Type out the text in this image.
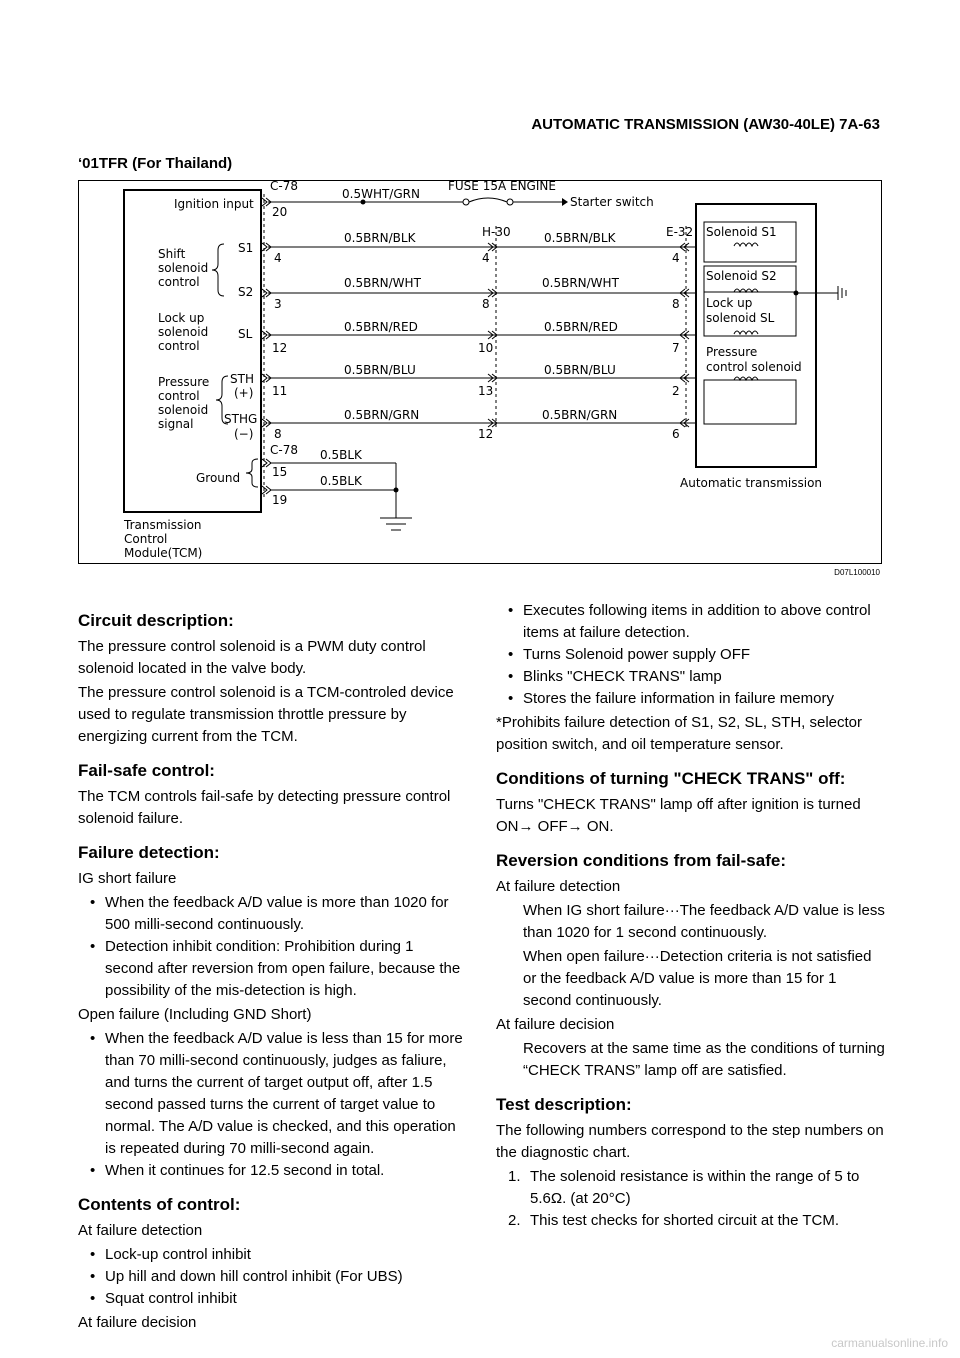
AUTOMATIC TRANSMISSION (AW30-40LE) 7A-63
‘01TFR (For Thailand)
Ignition input
Shift
solenoid
control
S1
S2
Lock up
solenoid
control
SL
Pressure
control
solenoid
signal
STH
(+)
STHG
(−)
Ground
Transmission
Control
Module(TCM)
C-78
C-78
H-30	E-32
FUSE 15A ENGINE
Starter switch
0.5WHT/GRN
0.5BRN/BLK	0.5BRN/BLK
0.5BRN/WHT	0.5BRN/WHT
0.5BRN/RED	0.5BRN/RED
0.5BRN/BLU	0.5BRN/BLU
0.5BRN/GRN	0.5BRN/GRN
0.5BLK
0.5BLK
20
4
3
12
11
8
15
19
4
8
10
13
12
4
8
7
2
6
Solenoid S1
Solenoid S2
Lock up
solenoid SL
Pressure
control solenoid
Automatic transmission
D07L100010
Circuit description:

The pressure control solenoid is a PWM duty control solenoid located in the valve body.

The pressure control solenoid is a TCM-controled device used to regulate transmission throttle pressure by energizing current from the TCM.

Fail-safe control:

The TCM controls fail-safe by detecting pressure control solenoid failure.

Failure detection:

IG short failure

• When the feedback A/D value is more than 1020 for 500 milli-second continuously.
• Detection inhibit condition: Prohibition during 1 second after reversion from open failure, because the possibility of the mis-detection is high.

Open failure (Including GND Short)

• When the feedback A/D value is less than 15 for more than 70 milli-second continuously, judges as faliure, and turns the current of target output off, after 1.5 second passed turns the current of target value to normal. The A/D value is checked, and this operation is repeated during 70 milli-second again.
• When it continues for 12.5 second in total.
Contents of control:

At failure detection

• Lock-up control inhibit
• Up hill and down hill control inhibit (For UBS)
• Squat control inhibit

At failure decision

• Executes following items in addition to above control items at failure detection.
• Turns Solenoid power supply OFF
• Blinks "CHECK TRANS" lamp
• Stores the failure information in failure memory

*Prohibits failure detection of S1, S2, SL, STH, selector position switch, and oil temperature sensor.

Conditions of turning "CHECK TRANS" off:

Turns "CHECK TRANS" lamp off after ignition is turned ON→ OFF→ ON.

Reversion conditions from fail-safe:

At failure detection

When IG short failure···The feedback A/D value is less than 1020 for 1 second continuously.

When open failure···Detection criteria is not satisfied or the feedback A/D value is more than 15 for 1 second continuously.

At failure decision

Recovers at the same time as the conditions of turning “CHECK TRANS” lamp off are satisfied.

Test description:

The following numbers correspond to the step numbers on the diagnostic chart.

1. The solenoid resistance is within the range of 5 to 5.6Ω. (at 20°C)
2. This test checks for shorted circuit at the TCM.
carmanualsonline.info
